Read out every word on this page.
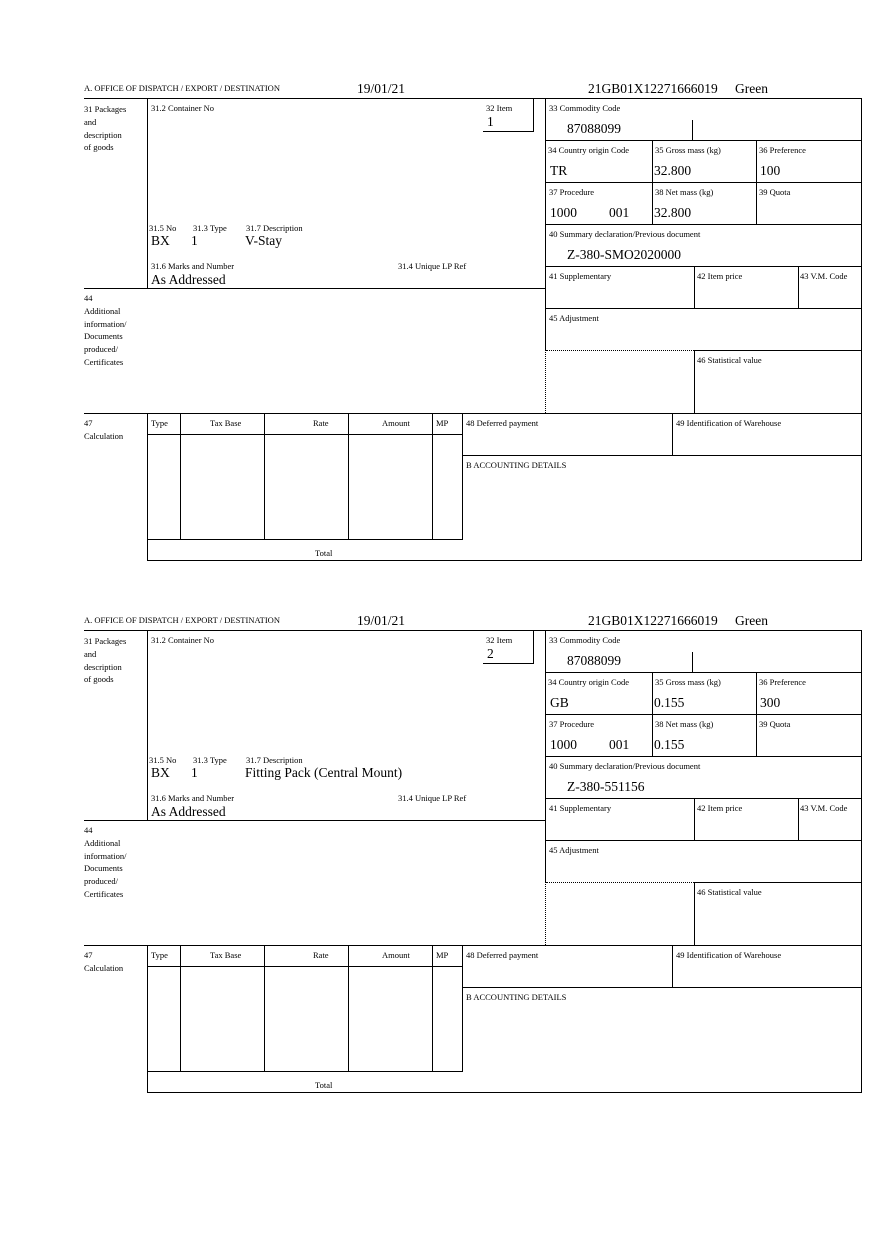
A. OFFICE OF DISPATCH / EXPORT / DESTINATION	19/01/21	21GB01X12271666019 Green
31 Packages
and
description
of goods
44
Additional
information/
Documents
produced/
Certificates
47
Calculation
31.2 Container No	32 Item
1
31.5 No 31.3 Type 31.7 Description
BX 1	V-Stay
31.6 Marks and Number	31.4 Unique LP Ref
As Addressed
33 Commodity Code
87088099
34 Country origin Code
TR
35 Gross mass (kg)
32.800
36 Preference
100
37 Procedure
1000 001
38 Net mass (kg)
32.800
39 Quota
40 Summary declaration/Previous document
Z-380-SMO2020000
41 Supplementary	42 Item price	43 V.M. Code
45 Adjustment
46 Statistical value
Type	Tax Base	Rate	Amount	MP
Total
48 Deferred payment	49 Identification of Warehouse
B ACCOUNTING DETAILS
A. OFFICE OF DISPATCH / EXPORT / DESTINATION	19/01/21	21GB01X12271666019 Green
31 Packages
and
description
of goods
44
Additional
information/
Documents
produced/
Certificates
47
Calculation
31.2 Container No	32 Item
2
31.5 No 31.3 Type 31.7 Description
BX 1	Fitting Pack (Central Mount)
31.6 Marks and Number	31.4 Unique LP Ref
As Addressed
33 Commodity Code
87088099
34 Country origin Code
GB
35 Gross mass (kg)
0.155
36 Preference
300
37 Procedure
1000 001
38 Net mass (kg)
0.155
39 Quota
40 Summary declaration/Previous document
Z-380-551156
41 Supplementary	42 Item price	43 V.M. Code
45 Adjustment
46 Statistical value
Type	Tax Base	Rate	Amount	MP
Total
48 Deferred payment	49 Identification of Warehouse
B ACCOUNTING DETAILS
